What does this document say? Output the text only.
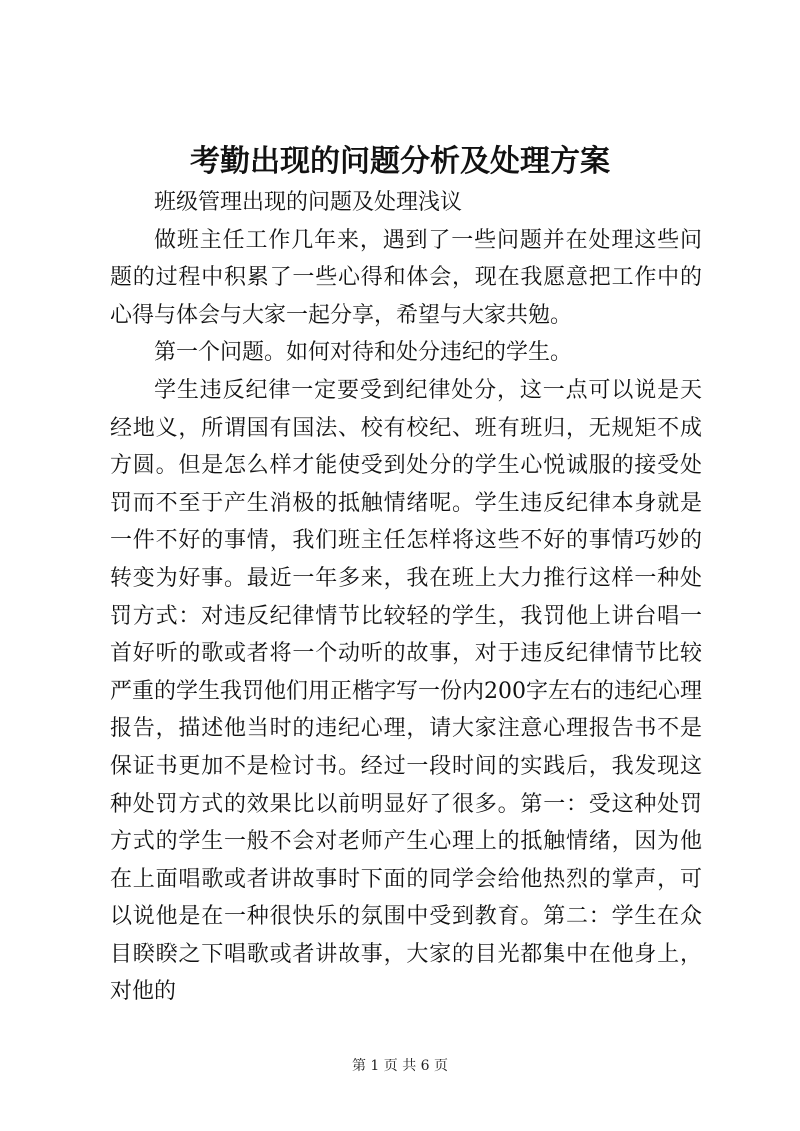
考勤出现的问题分析及处理方案

班级管理出现的问题及处理浅议

做班主任工作几年来，遇到了一些问题并在处理这些问题的过程中积累了一些心得和体会，现在我愿意把工作中的心得与体会与大家一起分享，希望与大家共勉。

第一个问题。如何对待和处分违纪的学生。

学生违反纪律一定要受到纪律处分，这一点可以说是天经地义，所谓国有国法、校有校纪、班有班归，无规矩不成方圆。但是怎么样才能使受到处分的学生心悦诚服的接受处罚而不至于产生消极的抵触情绪呢。学生违反纪律本身就是一件不好的事情，我们班主任怎样将这些不好的事情巧妙的转变为好事。最近一年多来，我在班上大力推行这样一种处罚方式：对违反纪律情节比较轻的学生，我罚他上讲台唱一首好听的歌或者将一个动听的故事，对于违反纪律情节比较严重的学生我罚他们用正楷字写一份内200字左右的违纪心理报告，描述他当时的违纪心理，请大家注意心理报告书不是保证书更加不是检讨书。经过一段时间的实践后，我发现这种处罚方式的效果比以前明显好了很多。第一：受这种处罚方式的学生一般不会对老师产生心理上的抵触情绪，因为他在上面唱歌或者讲故事时下面的同学会给他热烈的掌声，可以说他是在一种很快乐的氛围中受到教育。第二：学生在众目睽睽之下唱歌或者讲故事，大家的目光都集中在他身上，对他的

第 1 页 共 6 页
